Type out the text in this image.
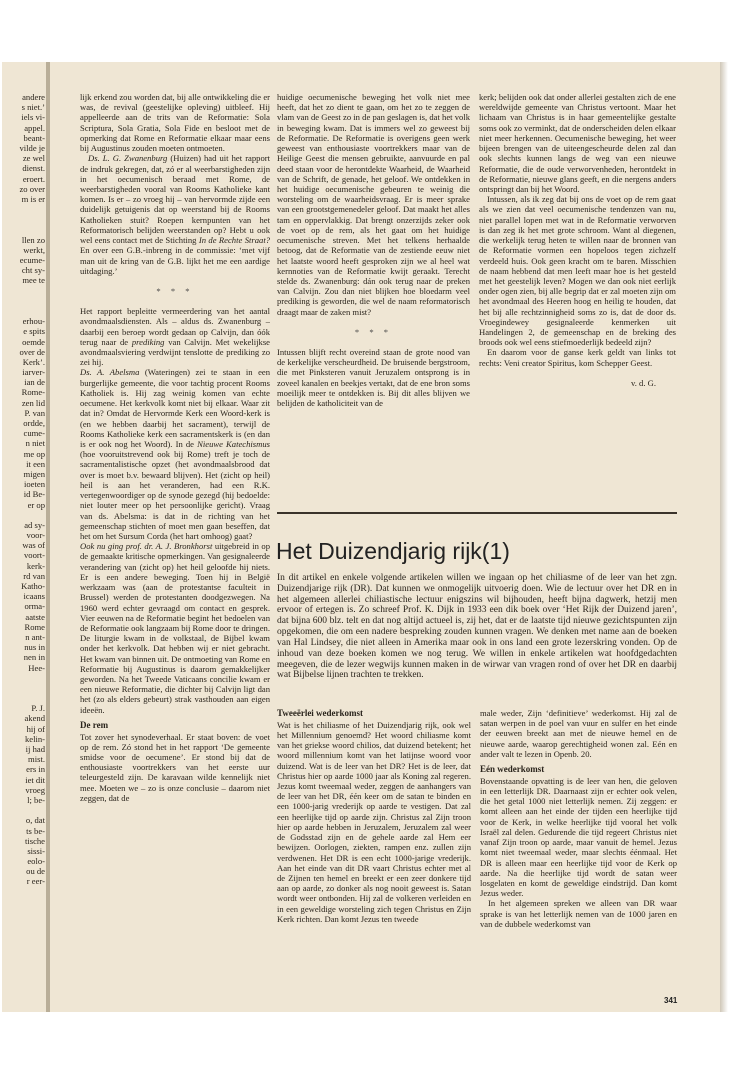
andere
s niet.’
iels vi-
appel.
beant-
vilde je
ze wel
dienst.
eroert.
zo over
m is er
llen zo
werkt,
ecume-
cht sy-
mee te
erhou-
e spits
oemde
over de
Kerk’.
iarver-
ian de
Rome-
zen lid
P. van
ordde,
cume-
n niet
me op
it een
migen
ioeten
id Be-
er op
ad sy-
voor-
was of
voort-
kerk-
rd van
Katho-
icaans
orma-
aatste
Rome
n ant-
nus in
nen in
Hee-
P. J.
akend
hij of
kelin-
ij had
mist.
ers in
iet dit
vroeg
l; be-
o, dat
ts be-
tische
sissi-
eolo-
ou de
r eer-

lijk erkend zou worden dat, bij alle ontwikkeling die er was, de revival (geestelijke opleving) uitbleef. Hij appelleerde aan de trits van de Reformatie: Sola Scriptura, Sola Gratia, Sola Fide en besloot met de opmerking dat Rome en Reformatie elkaar maar eens bij Augustinus zouden moeten ontmoeten.

Ds. L. G. Zwanenburg (Huizen) had uit het rapport de indruk gekregen, dat, zó er al weerbarstigheden zijn in het oecumenisch beraad met Rome, de weerbarstigheden vooral van Rooms Katholieke kant komen. Is er – zo vroeg hij – van hervormde zijde een duidelijk getuigenis dat op weerstand bij de Rooms Katholieken stuit? Roepen kernpunten van het Reformatorisch belijden weerstanden op? Hebt u ook wel eens contact met de Stichting In de Rechte Straat? En over een G.B.-inbreng in de commissie: ‘met vijf man uit de kring van de G.B. lijkt het me een aardige uitdaging.’

* * *

Het rapport bepleitte vermeerdering van het aantal avondmaalsdiensten. Als – aldus ds. Zwanenburg – daarbij een beroep wordt gedaan op Calvijn, dan óók terug naar de prediking van Calvijn. Met wekelijkse avondmaalsviering verdwijnt tenslotte de prediking zo zei hij.

Ds. A. Abelsma (Wateringen) zei te staan in een burgerlijke gemeente, die voor tachtig procent Rooms Katholiek is. Hij zag weinig komen van echte oecumene. Het kerkvolk komt niet bij elkaar. Waar zit dat in? Omdat de Hervormde Kerk een Woord-kerk is (en we hebben daarbij het sacrament), terwijl de Rooms Katholieke kerk een sacramentskerk is (en dan is er ook nog het Woord). In de Nieuwe Katechismus (hoe vooruitstrevend ook bij Rome) treft je toch de sacramentalistische opzet (het avondmaalsbrood dat over is moet b.v. bewaard blijven). Het (zicht op heil) heil is aan het veranderen, had een R.K. vertegenwoordiger op de synode gezegd (hij bedoelde: niet louter meer op het persoonlijke gericht). Vraag van ds. Abelsma: is dat in de richting van het gemeenschap stichten of moet men gaan beseffen, dat het om het Sursum Corda (het hart omhoog) gaat?

Ook nu ging prof. dr. A. J. Bronkhorst uitgebreid in op de gemaakte kritische opmerkingen. Van gesignaleerde verandering van (zicht op) het heil geloofde hij niets. Er is een andere beweging. Toen hij in België werkzaam was (aan de protestantse faculteit in Brussel) werden de protestanten doodgezwegen. Na 1960 werd echter gevraagd om contact en gesprek. Vier eeuwen na de Reformatie begint het bedoelen van de Reformatie ook langzaam bij Rome door te dringen. De liturgie kwam in de volkstaal, de Bijbel kwam onder het kerkvolk. Dat hebben wij er niet gebracht. Het kwam van binnen uit. De ontmoeting van Rome en Reformatie bij Augustinus is daarom gemakkelijker geworden. Na het Tweede Vaticaans concilie kwam er een nieuwe Reformatie, die dichter bij Calvijn ligt dan het (zo als elders gebeurt) strak vasthouden aan eigen ideeën.

De rem

Tot zover het synodeverhaal. Er staat boven: de voet op de rem. Zó stond het in het rapport ‘De gemeente smidse voor de oecumene’. Er stond bij dat de enthousiaste voortrekkers van het eerste uur teleurgesteld zijn. De karavaan wilde kennelijk niet mee. Moeten we – zo is onze conclusie – daarom niet zeggen, dat de

huidige oecumenische beweging het volk niet mee heeft, dat het zo dient te gaan, om het zo te zeggen de vlam van de Geest zo in de pan geslagen is, dat het volk in beweging kwam. Dat is immers wel zo geweest bij de Reformatie. De Reformatie is overigens geen werk geweest van enthousiaste voortrekkers maar van de Heilige Geest die mensen gebruikte, aanvuurde en pal deed staan voor de herontdekte Waarheid, de Waarheid van de Schrift, de genade, het geloof. We ontdekken in het huidige oecumenische gebeuren te weinig die worsteling om de waarheidsvraag. Er is meer sprake van een grootstgemenedeler geloof. Dat maakt het alles tam en oppervlakkig. Dat brengt onzerzijds zeker ook de voet op de rem, als het gaat om het huidige oecumenische streven. Met het telkens herhaalde betoog, dat de Reformatie van de zestiende eeuw niet het laatste woord heeft gesproken zijn we al heel wat kernnoties van de Reformatie kwijt geraakt. Terecht stelde ds. Zwanenburg: dán ook terug naar de preken van Calvijn. Zou dan niet blijken hoe bloedarm veel prediking is geworden, die wel de naam reformatorisch draagt maar de zaken mist?

* * *

Intussen blijft recht overeind staan de grote nood van de kerkelijke verscheurdheid. De bruisende bergstroom, die met Pinksteren vanuit Jeruzalem ontsprong is in zoveel kanalen en beekjes vertakt, dat de ene bron soms moeilijk meer te ontdekken is. Bij dit alles blijven we belijden de katholiciteit van de

kerk; belijden ook dat onder allerlei gestalten zich de ene wereldwijde gemeente van Christus vertoont. Maar het lichaam van Christus is in haar gemeentelijke gestalte soms ook zo verminkt, dat de onderscheiden delen elkaar niet meer herkennen. Oecumenische beweging, het weer bijeen brengen van de uiteengescheurde delen zal dan ook slechts kunnen langs de weg van een nieuwe Reformatie, die de oude verworvenheden, herontdekt in de Reformatie, nieuwe glans geeft, en die nergens anders ontspringt dan bij het Woord.

Intussen, als ik zeg dat bij ons de voet op de rem gaat als we zien dat veel oecumenische tendenzen van nu, niet parallel lopen met wat in de Reformatie verworven is dan zeg ik het met grote schroom. Want al diegenen, die werkelijk terug heten te willen naar de bronnen van de Reformatie vormen een hopeloos tegen zichzelf verdeeld huis. Ook geen kracht om te baren. Misschien de naam hebbend dat men leeft maar hoe is het gesteld met het geestelijk leven? Mogen we dan ook niet eerlijk onder ogen zien, bij alle begrip dat er zal moeten zijn om het avondmaal des Heeren hoog en heilig te houden, dat het bij alle rechtzinnigheid soms zo is, dat de door ds. Vroegindewey gesignaleerde kenmerken uit Handelingen 2, de gemeenschap en de breking des broods ook wel eens stiefmoederlijk bedeeld zijn?

En daarom voor de ganse kerk geldt van links tot rechts: Veni creator Spiritus, kom Schepper Geest.

v. d. G.
Het Duizendjarig rijk(1)

In dit artikel en enkele volgende artikelen willen we ingaan op het chiliasme of de leer van het zgn. Duizendjarige rijk (DR). Dat kunnen we onmogelijk uitvoerig doen. Wie de lectuur over het DR en in het algemeen allerlei chiliastische lectuur enigszins wil bijhouden, heeft bijna dagwerk, hetzij men ervoor of ertegen is. Zo schreef Prof. K. Dijk in 1933 een dik boek over ‘Het Rijk der Duizend jaren’, dat bijna 600 blz. telt en dat nog altijd actueel is, zij het, dat er de laatste tijd nieuwe gezichtspunten zijn opgekomen, die om een nadere bespreking zouden kunnen vragen. We denken met name aan de boeken van Hal Lindsey, die niet alleen in Amerika maar ook in ons land een grote lezerskring vonden. Op de inhoud van deze boeken komen we nog terug. We willen in enkele artikelen wat hoofdgedachten meegeven, die de lezer wegwijs kunnen maken in de wirwar van vragen rond of over het DR en daarbij wat Bijbelse lijnen trachten te trekken.

Tweeërlei wederkomst

Wat is het chiliasme of het Duizendjarig rijk, ook wel het Millennium genoemd? Het woord chiliasme komt van het griekse woord chilios, dat duizend betekent; het woord millennium komt van het latijnse woord voor duizend. Wat is de leer van het DR? Het is de leer, dat Christus hier op aarde 1000 jaar als Koning zal regeren. Jezus komt tweemaal weder, zeggen de aanhangers van de leer van het DR, één keer om de satan te binden en een 1000-jarig vrederijk op aarde te vestigen. Dat zal een heerlijke tijd op aarde zijn. Christus zal Zijn troon hier op aarde hebben in Jeruzalem, Jeruzalem zal weer de Godsstad zijn en de gehele aarde zal Hem eer bewijzen. Oorlogen, ziekten, rampen enz. zullen zijn verdwenen. Het DR is een echt 1000-jarige vrederijk. Aan het einde van dit DR vaart Christus echter met al de Zijnen ten hemel en breekt er een zeer donkere tijd aan op aarde, zo donker als nog nooit geweest is. Satan wordt weer ontbonden. Hij zal de volkeren verleiden en in een geweldige worsteling zich tegen Christus en Zijn Kerk richten. Dan komt Jezus ten tweede

male weder, Zijn ‘definitieve’ wederkomst. Hij zal de satan werpen in de poel van vuur en sulfer en het einde der eeuwen breekt aan met de nieuwe hemel en de nieuwe aarde, waarop gerechtigheid wonen zal. Eén en ander valt te lezen in Openb. 20.

Eén wederkomst

Bovenstaande opvatting is de leer van hen, die geloven in een letterlijk DR. Daarnaast zijn er echter ook velen, die het getal 1000 niet letterlijk nemen. Zij zeggen: er komt alleen aan het einde der tijden een heerlijke tijd voor de Kerk, in welke heerlijke tijd vooral het volk Israël zal delen. Gedurende die tijd regeert Christus niet vanaf Zijn troon op aarde, maar vanuit de hemel. Jezus komt niet tweemaal weder, maar slechts éénmaal. Het DR is alleen maar een heerlijke tijd voor de Kerk op aarde. Na die heerlijke tijd wordt de satan weer losgelaten en komt de geweldige eindstrijd. Dan komt Jezus weder.

In het algemeen spreken we alleen van DR waar sprake is van het letterlijk nemen van de 1000 jaren en van de dubbele wederkomst van

341
